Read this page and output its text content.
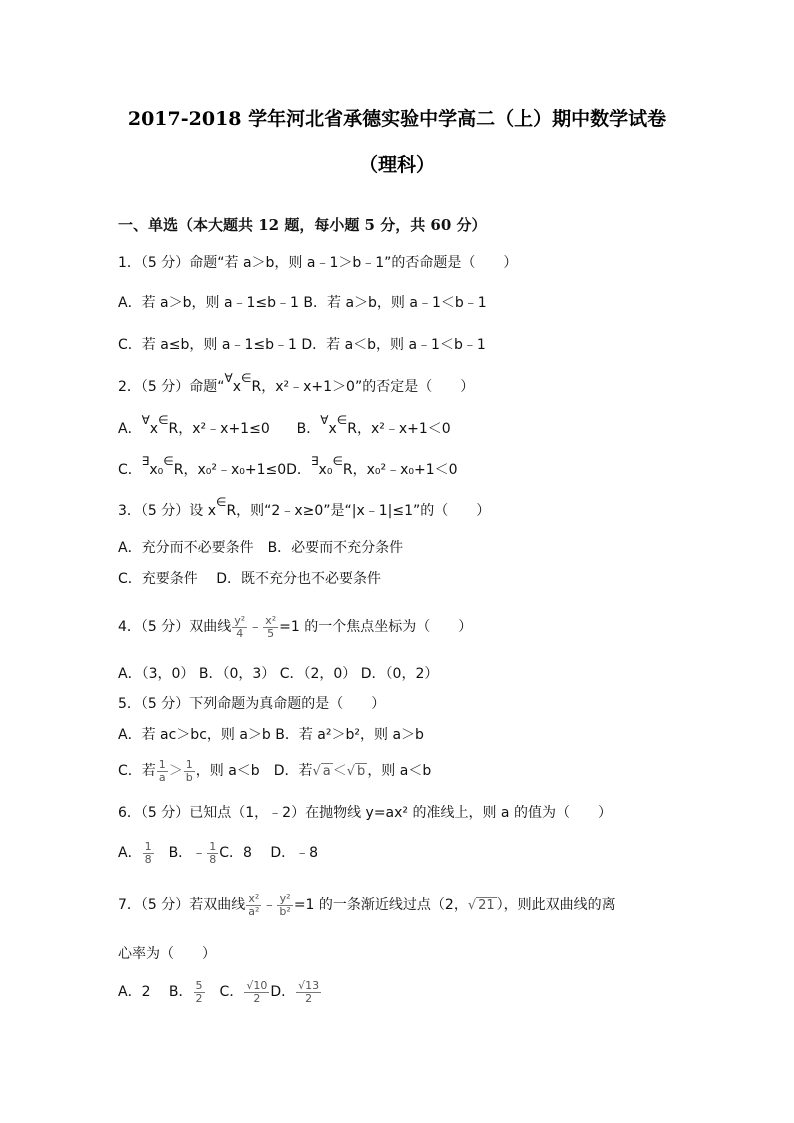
2017-2018 学年河北省承德实验中学高二（上）期中数学试卷
（理科）
一、单选（本大题共 12 题，每小题 5 分，共 60 分）
1．（5 分）命题“若 a＞b，则 a﹣1＞b﹣1”的否命题是（　　）
A．若 a＞b，则 a﹣1≤b﹣1 B．若 a＞b，则 a﹣1＜b﹣1
C．若 a≤b，则 a﹣1≤b﹣1 D．若 a＜b，则 a﹣1＜b﹣1
2．（5 分）命题“∀x∈R，x²﹣x+1＞0”的否定是（　　）
A．∀x∈R，x²﹣x+1≤0 B．∀x∈R，x²﹣x+1＜0
C．∃x₀∈R，x₀²﹣x₀+1≤0D．∃x₀∈R，x₀²﹣x₀+1＜0
3．（5 分）设 x∈R，则“2﹣x≥0”是“|x﹣1|≤1”的（　　）
A．充分而不必要条件　B．必要而不充分条件
C．充要条件　 D．既不充分也不必要条件
4．（5 分）双曲线 $\frac{\text{y²}}{4}$ ﹣ $\frac{\text{x²}}{5} =1$ 的一个焦点坐标为（　　）
A．（3，0） B．（0，3） C．（2，0） D．（0，2）
5．（5 分）下列命题为真命题的是（　　）
A．若 ac＞bc，则 a＞b B．若 a²＞b²，则 a＞b
C．若 $\frac{1}{a} > \frac{1}{b}$ ，则 a＜b　D．若√ a ＜√ b ，则 a＜b
6．（5 分）已知点（1，﹣2）在抛物线 y=ax² 的准线上，则 a 的值为（　　）
A． $\frac{1}{8}$ 　B．﹣ $\frac{1}{8}$ C．8　 D．﹣8
7．（5 分）若双曲线 $\frac{\text{x²}}{\text{a²}}$ ﹣ $\frac{\text{y²}}{\text{b²}} =1$ 的一条渐近线过点（2，√ 21 ），则此双曲线的离
心率为（　　）
A．2　 B． $\frac{5}{2}$ 　C． $\frac{√10}{2}$ D． $\frac{√13}{2}$
